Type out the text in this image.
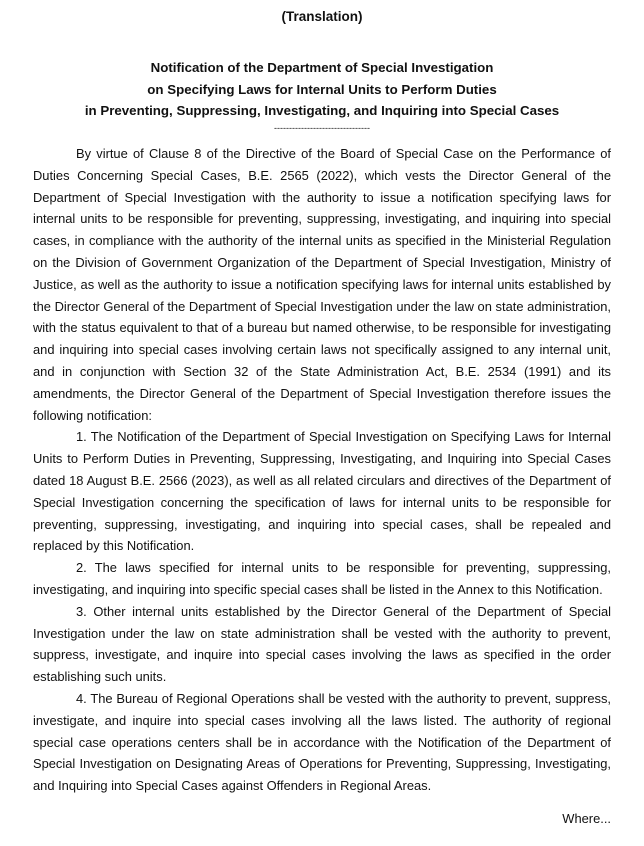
(Translation)
Notification of the Department of Special Investigation
on Specifying Laws for Internal Units to Perform Duties
in Preventing, Suppressing, Investigating, and Inquiring into Special Cases
--------------------------------

By virtue of Clause 8 of the Directive of the Board of Special Case on the Performance of Duties Concerning Special Cases, B.E. 2565 (2022), which vests the Director General of the Department of Special Investigation with the authority to issue a notification specifying laws for internal units to be responsible for preventing, suppressing, investigating, and inquiring into special cases, in compliance with the authority of the internal units as specified in the Ministerial Regulation on the Division of Government Organization of the Department of Special Investigation, Ministry of Justice, as well as the authority to issue a notification specifying laws for internal units established by the Director General of the Department of Special Investigation under the law on state administration, with the status equivalent to that of a bureau but named otherwise, to be responsible for investigating and inquiring into special cases involving certain laws not specifically assigned to any internal unit, and in conjunction with Section 32 of the State Administration Act, B.E. 2534 (1991) and its amendments, the Director General of the Department of Special Investigation therefore issues the following notification:

1. The Notification of the Department of Special Investigation on Specifying Laws for Internal Units to Perform Duties in Preventing, Suppressing, Investigating, and Inquiring into Special Cases dated 18 August B.E. 2566 (2023), as well as all related circulars and directives of the Department of Special Investigation concerning the specification of laws for internal units to be responsible for preventing, suppressing, investigating, and inquiring into special cases, shall be repealed and replaced by this Notification.

2. The laws specified for internal units to be responsible for preventing, suppressing, investigating, and inquiring into specific special cases shall be listed in the Annex to this Notification.

3. Other internal units established by the Director General of the Department of Special Investigation under the law on state administration shall be vested with the authority to prevent, suppress, investigate, and inquire into special cases involving the laws as specified in the order establishing such units.

4. The Bureau of Regional Operations shall be vested with the authority to prevent, suppress, investigate, and inquire into special cases involving all the laws listed. The authority of regional special case operations centers shall be in accordance with the Notification of the Department of Special Investigation on Designating Areas of Operations for Preventing, Suppressing, Investigating, and Inquiring into Special Cases against Offenders in Regional Areas.

Where...
